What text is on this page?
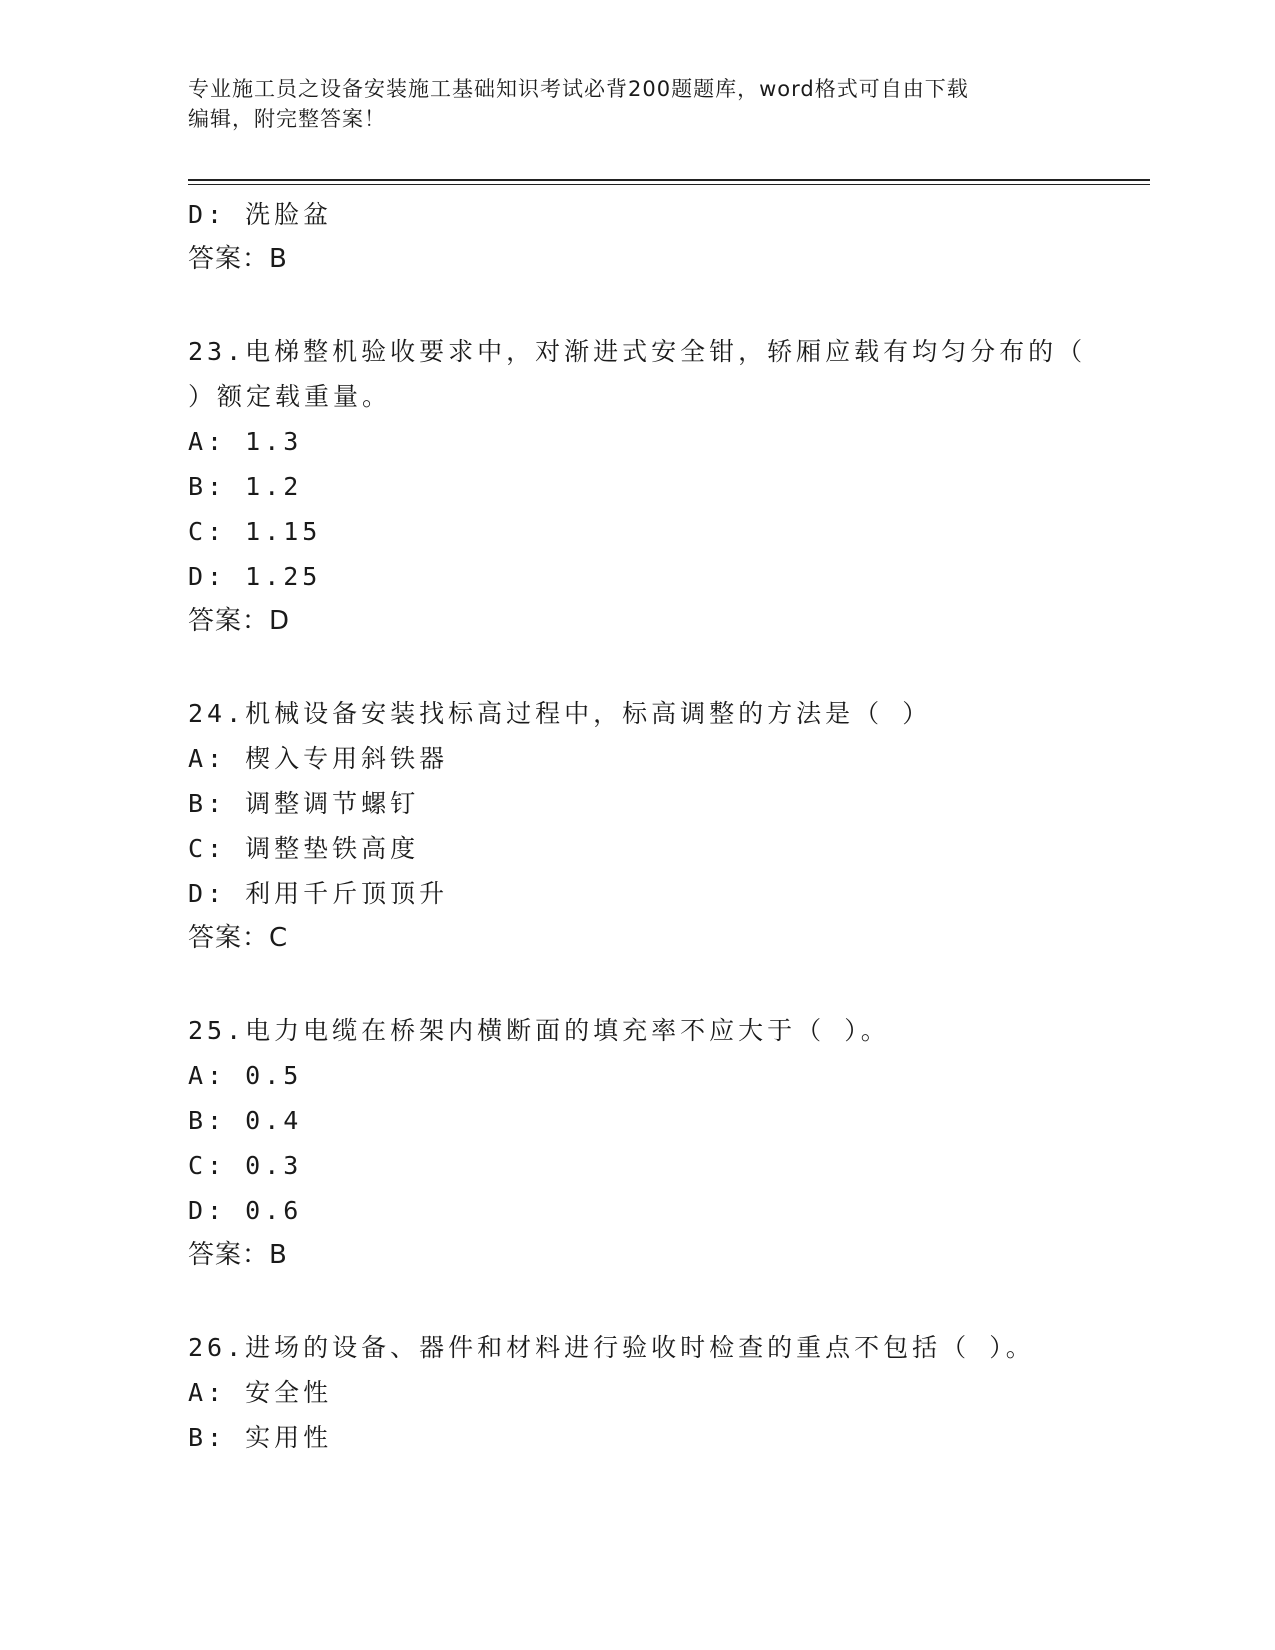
专业施工员之设备安装施工基础知识考试必背200题题库，word格式可自由下载
编辑，附完整答案！
D: 洗脸盆
答案：B
23.电梯整机验收要求中，对渐进式安全钳，轿厢应载有均匀分布的（
）额定载重量。
A: 1.3
B: 1.2
C: 1.15
D: 1.25
答案：D
24.机械设备安装找标高过程中，标高调整的方法是（ ）
A: 楔入专用斜铁器
B: 调整调节螺钉
C: 调整垫铁高度
D: 利用千斤顶顶升
答案：C
25.电力电缆在桥架内横断面的填充率不应大于（ ）。
A: 0.5
B: 0.4
C: 0.3
D: 0.6
答案：B
26.进场的设备、器件和材料进行验收时检查的重点不包括（ ）。
A: 安全性
B: 实用性
